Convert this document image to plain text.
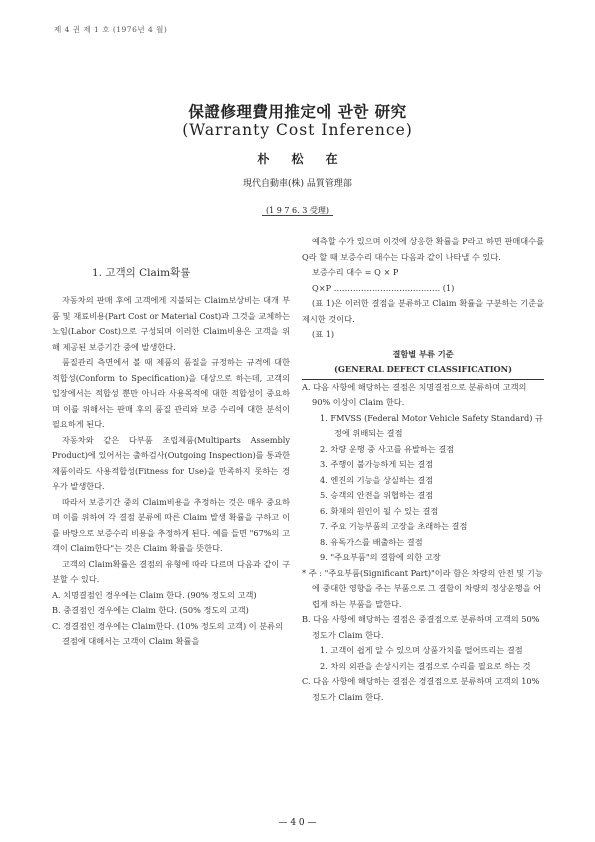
제 4 권 제 1 호 (1976년 4 월)
保證修理費用推定에 관한 研究
(Warranty Cost Inference)
朴 松 在
現代自動車(株) 品質管理部
(1 9 7 6. 3 受理)
1. 고객의 Claim확률

자동차의 판매 후에 고객에게 지불되는 Claim보상비는 대개 부품 및 재료비용(Part Cost or Material Cost)과 그것을 교체하는 노임(Labor Cost)으로 구성되며 이러한 Claim비용은 고객을 위해 제공된 보증기간 중에 발생한다.

품질관리 측면에서 볼 때 제품의 품질을 규정하는 규격에 대한 적합성(Conform to Specification)을 대상으로 하는데, 고객의 입장에서는 적합성 뿐만 아니라 사용목적에 대한 적합성이 중요하며 이를 위해서는 판매 후의 품질 관리와 보증 수리에 대한 분석이 필요하게 된다.

자동차와 같은 다부품 조립제품(Multiparts Assembly Product)에 있어서는 출하검사(Outgoing Inspection)를 통과한 제품이라도 사용적합성(Fitness for Use)을 만족하지 못하는 경우가 발생한다.

따라서 보증기간 중의 Claim비용을 추정하는 것은 매우 중요하며 이를 위하여 각 결점 분류에 따른 Claim 발생 확률을 구하고 이를 바탕으로 보증수리 비용을 추정하게 된다. 예를 들면 "67%의 고객이 Claim한다"는 것은 Claim 확률을 뜻한다.

고객의 Claim확률은 결점의 유형에 따라 다르며 다음과 같이 구분할 수 있다.

A. 치명결점인 경우에는 Claim 한다. (90% 정도의 고객)

B. 중결점인 경우에는 Claim 한다. (50% 정도의 고객)

C. 경결점인 경우에는 Claim한다. (10% 정도의 고객) 이 분류의 결점에 대해서는 고객이 Claim 확률을

예측할 수가 있으며 이것에 상응한 확률을 P라고 하면 판매대수를 Q라 할 때 보증수리 대수는 다음과 같이 나타낼 수 있다.

보증수리 대수 = Q × P

Q×P ………………………………… (1)

(표 1)은 이러한 결점을 분류하고 Claim 확률을 구분하는 기준을 제시한 것이다.

(표 1)

결함별 부류 기준
(GENERAL DEFECT CLASSIFICATION)

A. 다음 사항에 해당하는 결점은 치명결점으로 분류하며 고객의 90% 이상이 Claim 한다.

1. FMVSS (Federal Motor Vehicle Safety Standard) 규정에 위배되는 결점

2. 차량 운행 중 사고를 유발하는 결점

3. 주행이 불가능하게 되는 결점

4. 엔진의 기능을 상실하는 결점

5. 승객의 안전을 위협하는 결점

6. 화재의 원인이 될 수 있는 결점

7. 주요 기능부품의 고장을 초래하는 결점

8. 유독가스를 배출하는 결점

9. "주요부품"의 결함에 의한 고장

* 주 : "주요부품(Significant Part)"이라 함은 차량의 안전 및 기능에 중대한 영향을 주는 부품으로 그 결함이 차량의 정상운행을 어렵게 하는 부품을 말한다.

B. 다음 사항에 해당하는 결점은 중결점으로 분류하며 고객의 50% 정도가 Claim 한다.

1. 고객이 쉽게 알 수 있으며 상품가치를 떨어뜨리는 결점

2. 차의 외관을 손상시키는 결점으로 수리를 필요로 하는 것

C. 다음 사항에 해당하는 결점은 경결점으로 분류하며 고객의 10% 정도가 Claim 한다.

— 4 0 —
